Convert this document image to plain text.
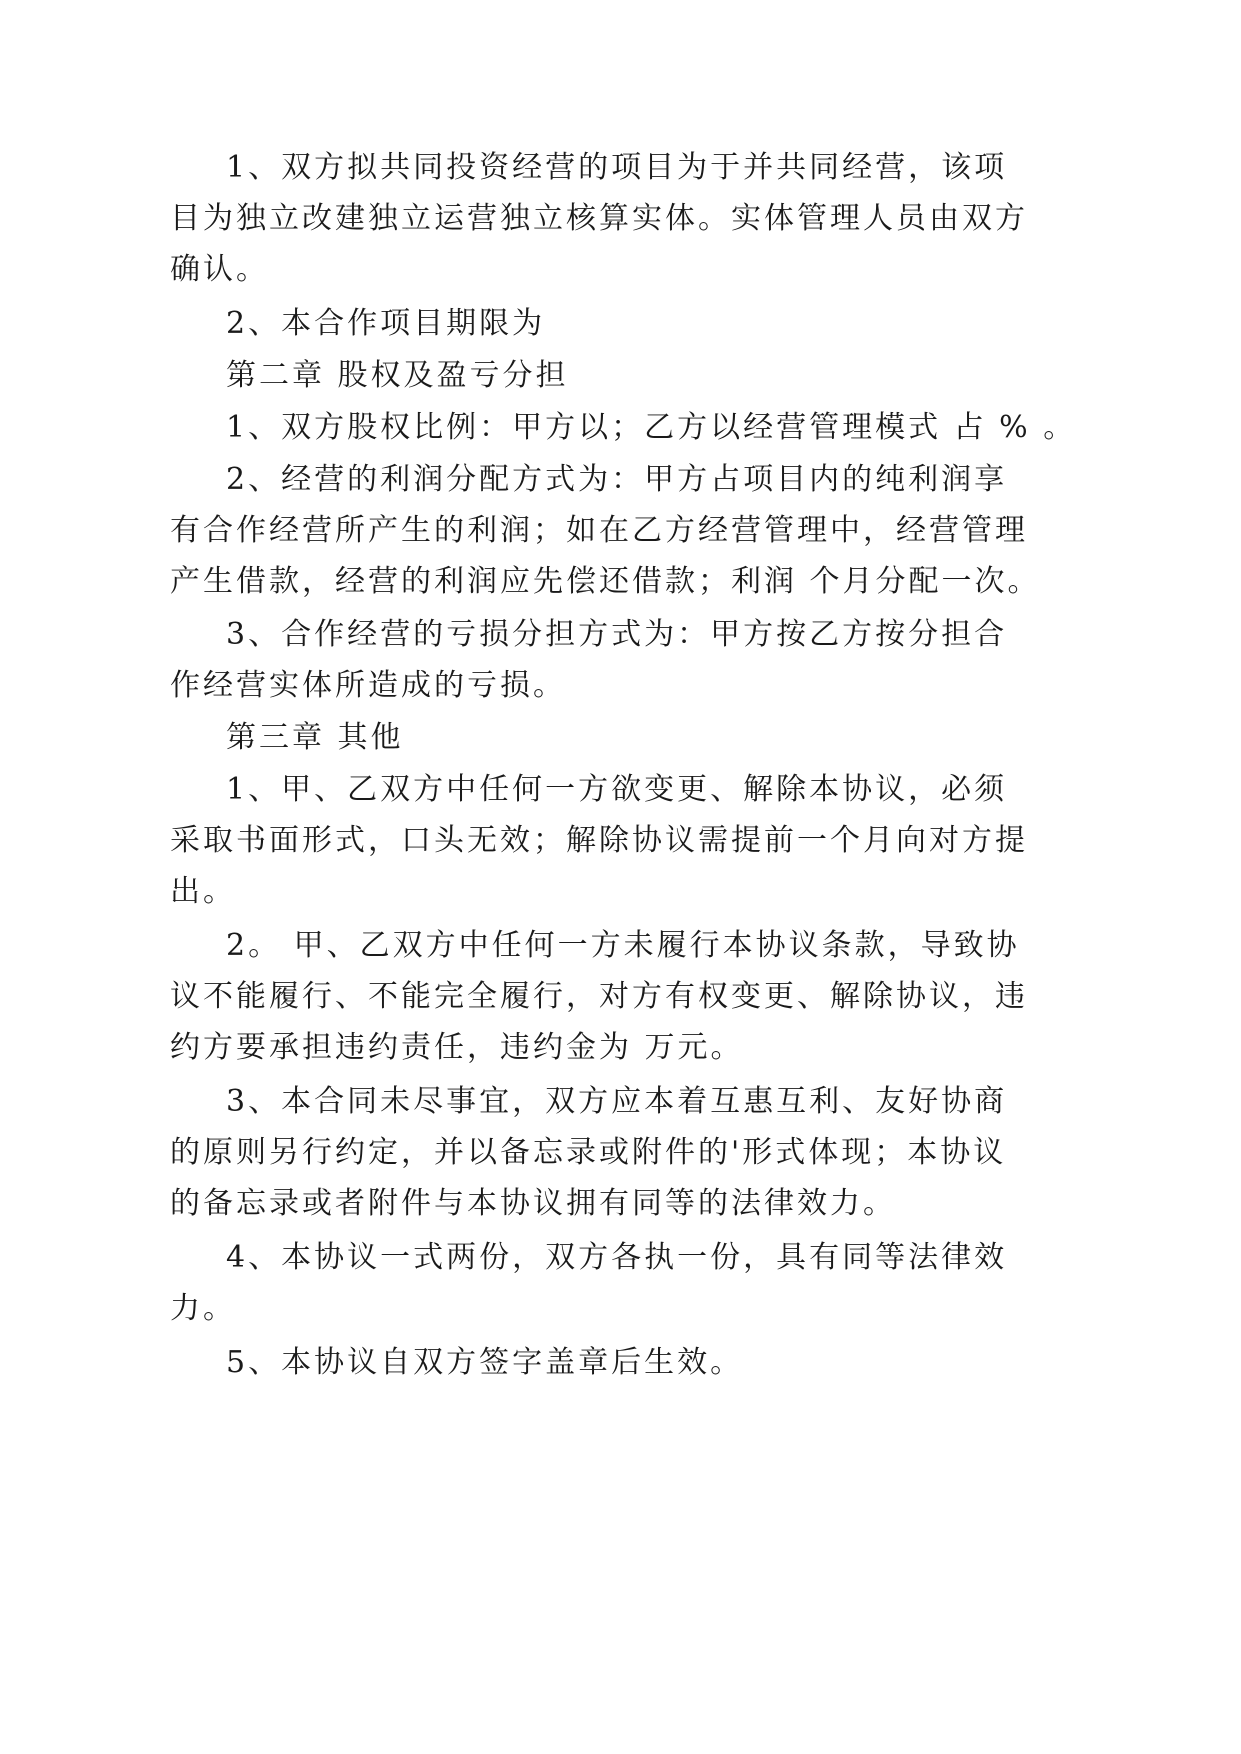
1、双方拟共同投资经营的项目为于并共同经营，该项
目为独立改建独立运营独立核算实体。实体管理人员由双方
确认。
2、本合作项目期限为
第二章 股权及盈亏分担
1、双方股权比例：甲方以；乙方以经营管理模式 占 % 。
2、经营的利润分配方式为：甲方占项目内的纯利润享
有合作经营所产生的利润；如在乙方经营管理中，经营管理
产生借款，经营的利润应先偿还借款；利润 个月分配一次。
3、合作经营的亏损分担方式为：甲方按乙方按分担合
作经营实体所造成的亏损。
第三章 其他
1、甲、乙双方中任何一方欲变更、解除本协议，必须
采取书面形式，口头无效；解除协议需提前一个月向对方提
出。
2。 甲、乙双方中任何一方未履行本协议条款，导致协
议不能履行、不能完全履行，对方有权变更、解除协议，违
约方要承担违约责任，违约金为 万元。
3、本合同未尽事宜，双方应本着互惠互利、友好协商
的原则另行约定，并以备忘录或附件的'形式体现；本协议
的备忘录或者附件与本协议拥有同等的法律效力。
4、本协议一式两份，双方各执一份，具有同等法律效
力。
5、本协议自双方签字盖章后生效。
